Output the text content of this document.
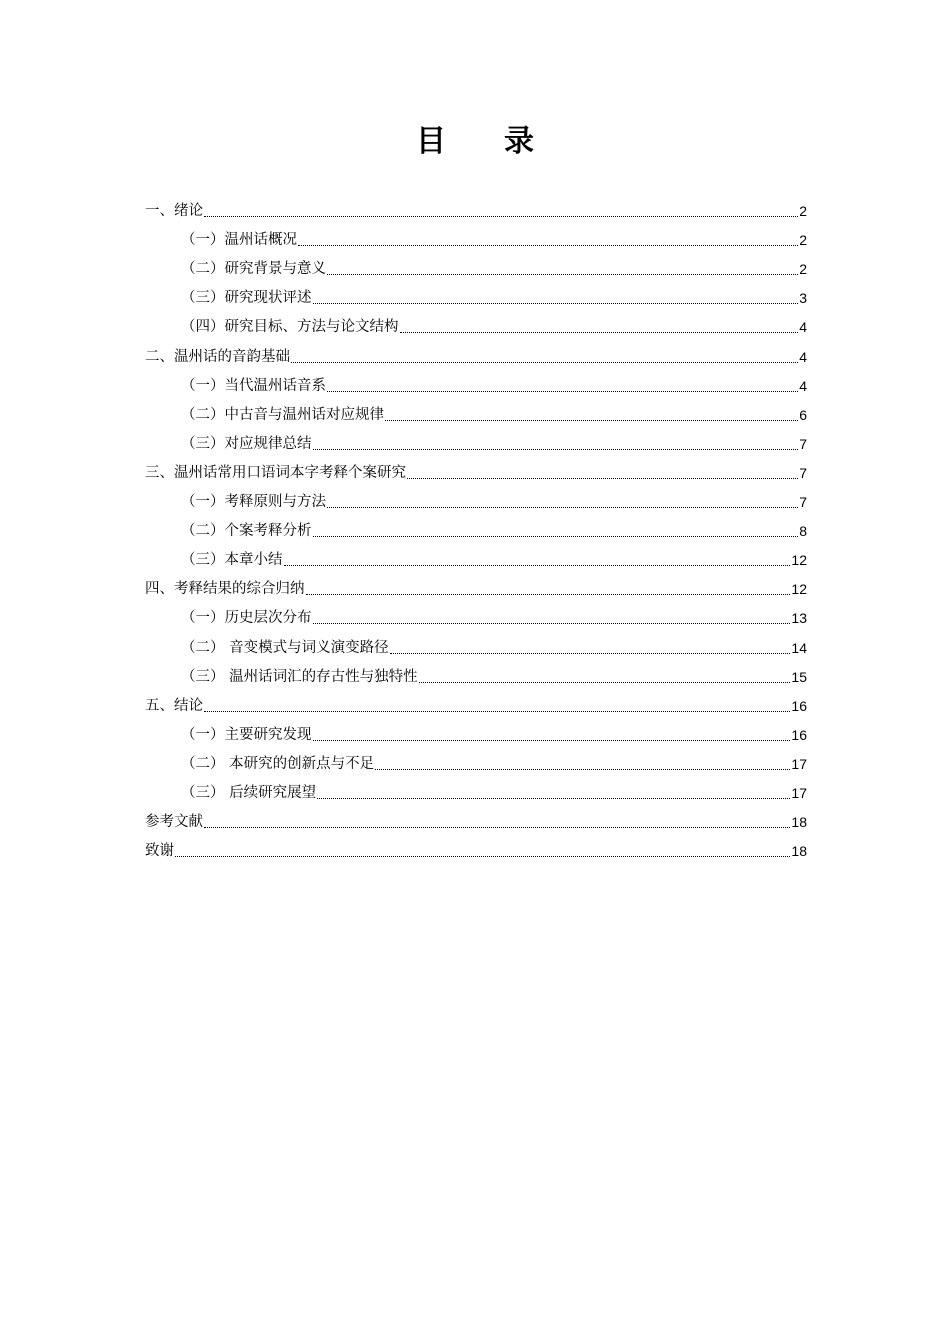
目录
一、绪论	2
（一）温州话概况	2
（二）研究背景与意义	2
（三）研究现状评述	3
（四）研究目标、方法与论文结构	4
二、温州话的音韵基础	4
（一）当代温州话音系	4
（二）中古音与温州话对应规律	6
（三）对应规律总结	7
三、温州话常用口语词本字考释个案研究	7
（一）考释原则与方法	7
（二）个案考释分析	8
（三）本章小结	12
四、考释结果的综合归纳	12
（一）历史层次分布	13
（二） 音变模式与词义演变路径	14
（三） 温州话词汇的存古性与独特性	15
五、结论	16
（一）主要研究发现	16
（二） 本研究的创新点与不足	17
（三） 后续研究展望	17
参考文献	18
致谢	18
